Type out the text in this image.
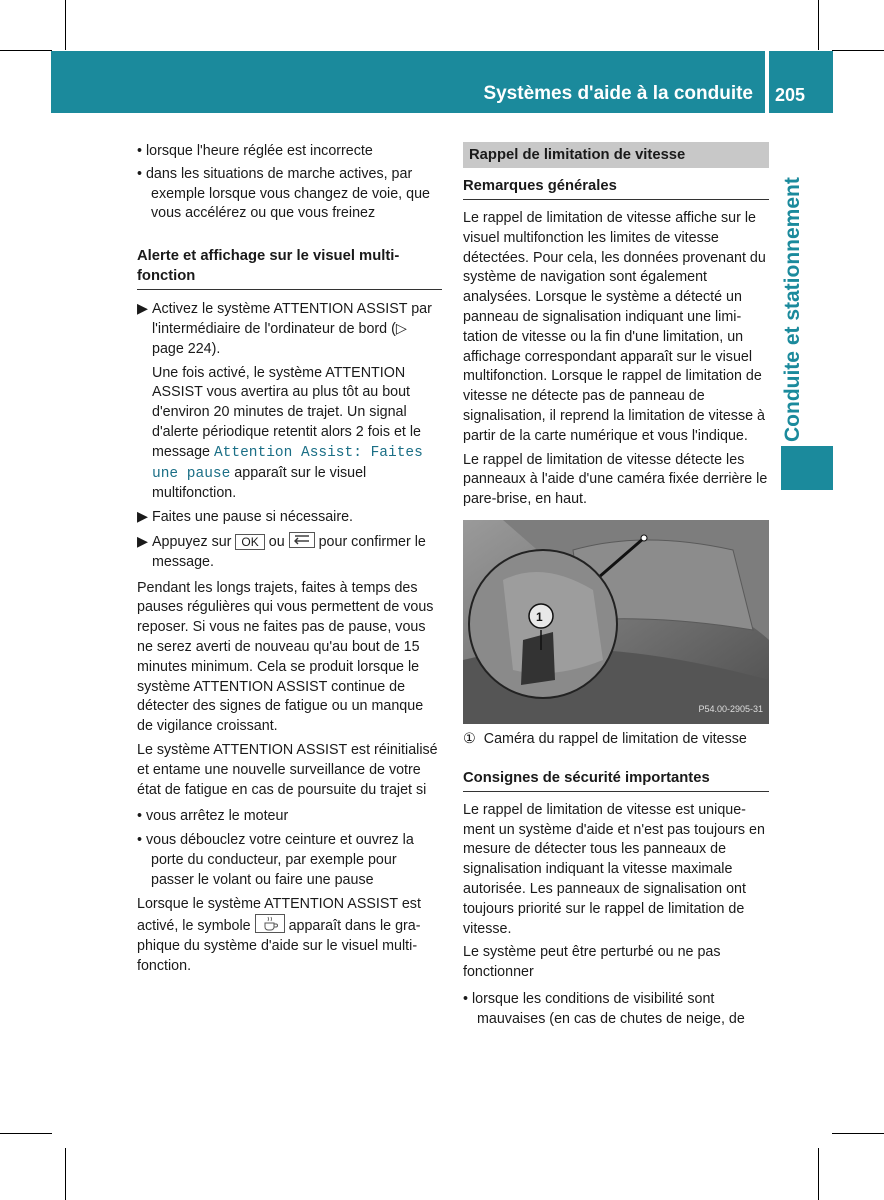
Systèmes d'aide à la conduite 205
Conduite et stationnement

• lorsque l'heure réglée est incorrecte

• dans les situations de marche actives, par exemple lorsque vous changez de voie, que vous accélérez ou que vous freinez

Alerte et affichage sur le visuel multifonction

▶ Activez le système ATTENTION ASSIST par l'intermédiaire de l'ordinateur de bord (▷ page 224).

Une fois activé, le système ATTENTION ASSIST vous avertira au plus tôt au bout d'environ 20 minutes de trajet. Un signal d'alerte périodique retentit alors 2 fois et le message Attention Assist: Faites une pause apparaît sur le visuel multifonction.

▶ Faites une pause si nécessaire.

▶ Appuyez sur OK ou
pour confirmer le message.

Pendant les longs trajets, faites à temps des pauses régulières qui vous permettent de vous reposer. Si vous ne faites pas de pause, vous ne serez averti de nouveau qu'au bout de 15 minutes minimum. Cela se produit lorsque le système ATTENTION ASSIST continue de détecter des signes de fatigue ou un manque de vigilance croissant.

Le système ATTENTION ASSIST est réinitialisé et entame une nouvelle surveillance de votre état de fatigue en cas de poursuite du trajet si

• vous arrêtez le moteur

• vous débouclez votre ceinture et ouvrez la porte du conducteur, par exemple pour passer le volant ou faire une pause

Lorsque le système ATTENTION ASSIST est activé, le symbole
apparaît dans le graphique du système d'aide sur le visuel multifonction.

Rappel de limitation de vitesse

Remarques générales

Le rappel de limitation de vitesse affiche sur le visuel multifonction les limites de vitesse détectées. Pour cela, les données provenant du système de navigation sont également analysées. Lorsque le système a détecté un panneau de signalisation indiquant une limitation de vitesse ou la fin d'une limitation, un affichage correspondant apparaît sur le visuel multifonction. Lorsque le rappel de limitation de vitesse ne détecte pas de panneau de signalisation, il reprend la limitation de vitesse à partir de la carte numérique et vous l'indique.

Le rappel de limitation de vitesse détecte les panneaux à l'aide d'une caméra fixée derrière le pare-brise, en haut.

1
P54.00-2905-31

① Caméra du rappel de limitation de vitesse

Consignes de sécurité importantes

Le rappel de limitation de vitesse est uniquement un système d'aide et n'est pas toujours en mesure de détecter tous les panneaux de signalisation indiquant la vitesse maximale autorisée. Les panneaux de signalisation ont toujours priorité sur le rappel de limitation de vitesse.

Le système peut être perturbé ou ne pas fonctionner

• lorsque les conditions de visibilité sont mauvaises (en cas de chutes de neige, de
